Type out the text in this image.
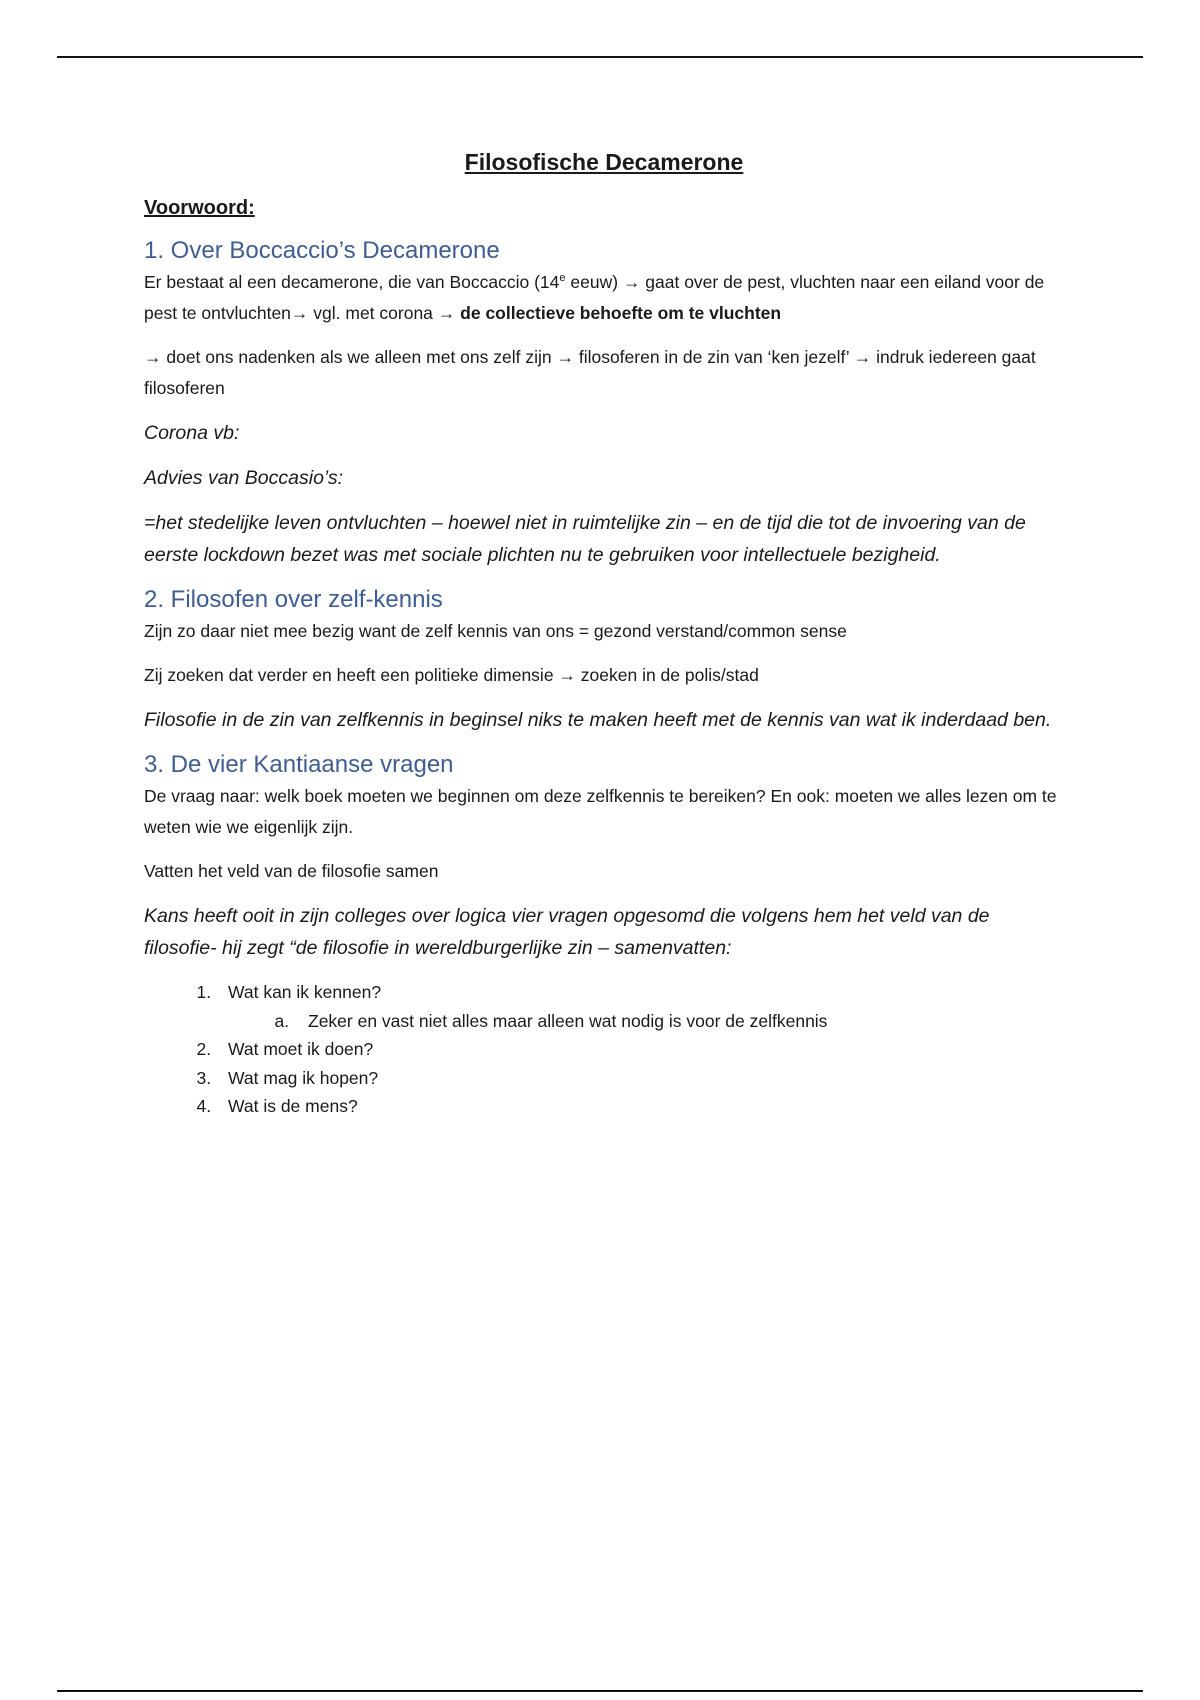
Filosofische Decamerone
Voorwoord:
1. Over Boccaccio’s Decamerone

Er bestaat al een decamerone, die van Boccaccio (14e eeuw) → gaat over de pest, vluchten naar een eiland voor de pest te ontvluchten→ vgl. met corona → de collectieve behoefte om te vluchten

→ doet ons nadenken als we alleen met ons zelf zijn → filosoferen in de zin van ‘ken jezelf’ → indruk iedereen gaat filosoferen

Corona vb:

Advies van Boccasio’s:

=het stedelijke leven ontvluchten – hoewel niet in ruimtelijke zin – en de tijd die tot de invoering van de eerste lockdown bezet was met sociale plichten nu te gebruiken voor intellectuele bezigheid.

2. Filosofen over zelf-kennis

Zijn zo daar niet mee bezig want de zelf kennis van ons = gezond verstand/common sense

Zij zoeken dat verder en heeft een politieke dimensie → zoeken in de polis/stad

Filosofie in de zin van zelfkennis in beginsel niks te maken heeft met de kennis van wat ik inderdaad ben.

3. De vier Kantiaanse vragen

De vraag naar: welk boek moeten we beginnen om deze zelfkennis te bereiken? En ook: moeten we alles lezen om te weten wie we eigenlijk zijn.

Vatten het veld van de filosofie samen

Kans heeft ooit in zijn colleges over logica vier vragen opgesomd die volgens hem het veld van de filosofie- hij zegt “de filosofie in wereldburgerlijke zin – samenvatten:

1. Wat kan ik kennen?
a. Zeker en vast niet alles maar alleen wat nodig is voor de zelfkennis
2. Wat moet ik doen?
3. Wat mag ik hopen?
4. Wat is de mens?
